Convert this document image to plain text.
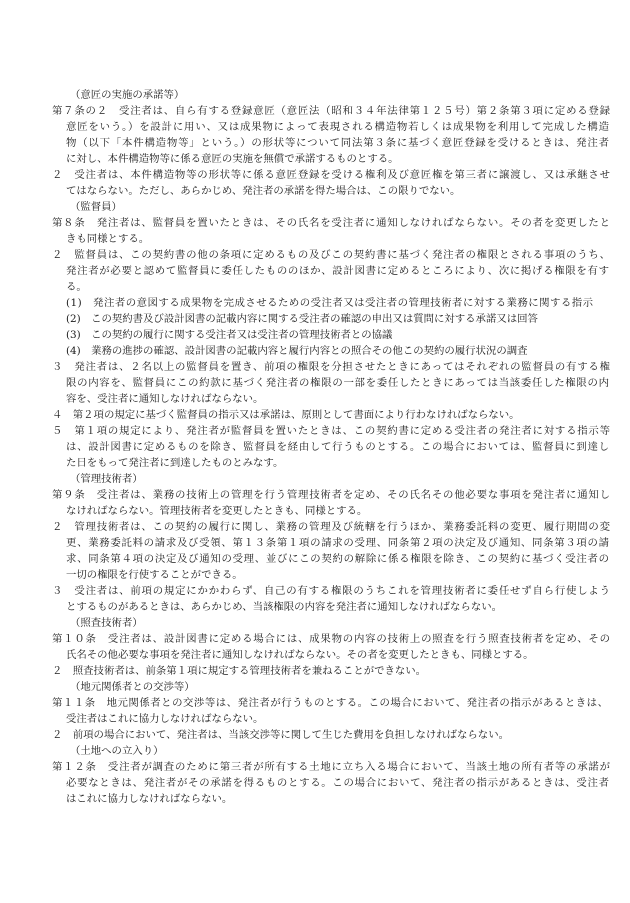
（意匠の実施の承諾等）
第７条の２　受注者は、自ら有する登録意匠（意匠法（昭和３４年法律第１２５号）第２条第３項に定める登録
意匠をいう。）を設計に用い、又は成果物によって表現される構造物若しくは成果物を利用して完成した構造
物（以下「本件構造物等」という。）の形状等について同法第３条に基づく意匠登録を受けるときは、発注者
に対し、本件構造物等に係る意匠の実施を無償で承諾するものとする。
２　受注者は、本件構造物等の形状等に係る意匠登録を受ける権利及び意匠権を第三者に譲渡し、又は承継させ
てはならない。ただし、あらかじめ、発注者の承諾を得た場合は、この限りでない。
（監督員）
第８条　発注者は、監督員を置いたときは、その氏名を受注者に通知しなければならない。その者を変更したと
きも同様とする。
２　監督員は、この契約書の他の条項に定めるもの及びこの契約書に基づく発注者の権限とされる事項のうち、
発注者が必要と認めて監督員に委任したもののほか、設計図書に定めるところにより、次に掲げる権限を有す
る。
(1)　発注者の意図する成果物を完成させるための受注者又は受注者の管理技術者に対する業務に関する指示
(2)　この契約書及び設計図書の記載内容に関する受注者の確認の申出又は質問に対する承諾又は回答
(3)　この契約の履行に関する受注者又は受注者の管理技術者との協議
(4)　業務の進捗の確認、設計図書の記載内容と履行内容との照合その他この契約の履行状況の調査
３　発注者は、２名以上の監督員を置き、前項の権限を分担させたときにあってはそれぞれの監督員の有する権
限の内容を、監督員にこの約款に基づく発注者の権限の一部を委任したときにあっては当該委任した権限の内
容を、受注者に通知しなければならない。
４　第２項の規定に基づく監督員の指示又は承諾は、原則として書面により行わなければならない。
５　第１項の規定により、発注者が監督員を置いたときは、この契約書に定める受注者の発注者に対する指示等
は、設計図書に定めるものを除き、監督員を経由して行うものとする。この場合においては、監督員に到達し
た日をもって発注者に到達したものとみなす。
（管理技術者）
第９条　受注者は、業務の技術上の管理を行う管理技術者を定め、その氏名その他必要な事項を発注者に通知し
なければならない。管理技術者を変更したときも、同様とする。
２　管理技術者は、この契約の履行に関し、業務の管理及び統轄を行うほか、業務委託料の変更、履行期間の変
更、業務委託料の請求及び受領、第１３条第１項の請求の受理、同条第２項の決定及び通知、同条第３項の請
求、同条第４項の決定及び通知の受理、並びにこの契約の解除に係る権限を除き、この契約に基づく受注者の
一切の権限を行使することができる。
３　受注者は、前項の規定にかかわらず、自己の有する権限のうちこれを管理技術者に委任せず自ら行使しよう
とするものがあるときは、あらかじめ、当該権限の内容を発注者に通知しなければならない。
（照査技術者）
第１０条　受注者は、設計図書に定める場合には、成果物の内容の技術上の照査を行う照査技術者を定め、その
氏名その他必要な事項を発注者に通知しなければならない。その者を変更したときも、同様とする。
２　照査技術者は、前条第１項に規定する管理技術者を兼ねることができない。
（地元関係者との交渉等）
第１１条　地元関係者との交渉等は、発注者が行うものとする。この場合において、発注者の指示があるときは、
受注者はこれに協力しなければならない。
２　前項の場合において、発注者は、当該交渉等に関して生じた費用を負担しなければならない。
（土地への立入り）
第１２条　受注者が調査のために第三者が所有する土地に立ち入る場合において、当該土地の所有者等の承諾が
必要なときは、発注者がその承諾を得るものとする。この場合において、発注者の指示があるときは、受注者
はこれに協力しなければならない。
